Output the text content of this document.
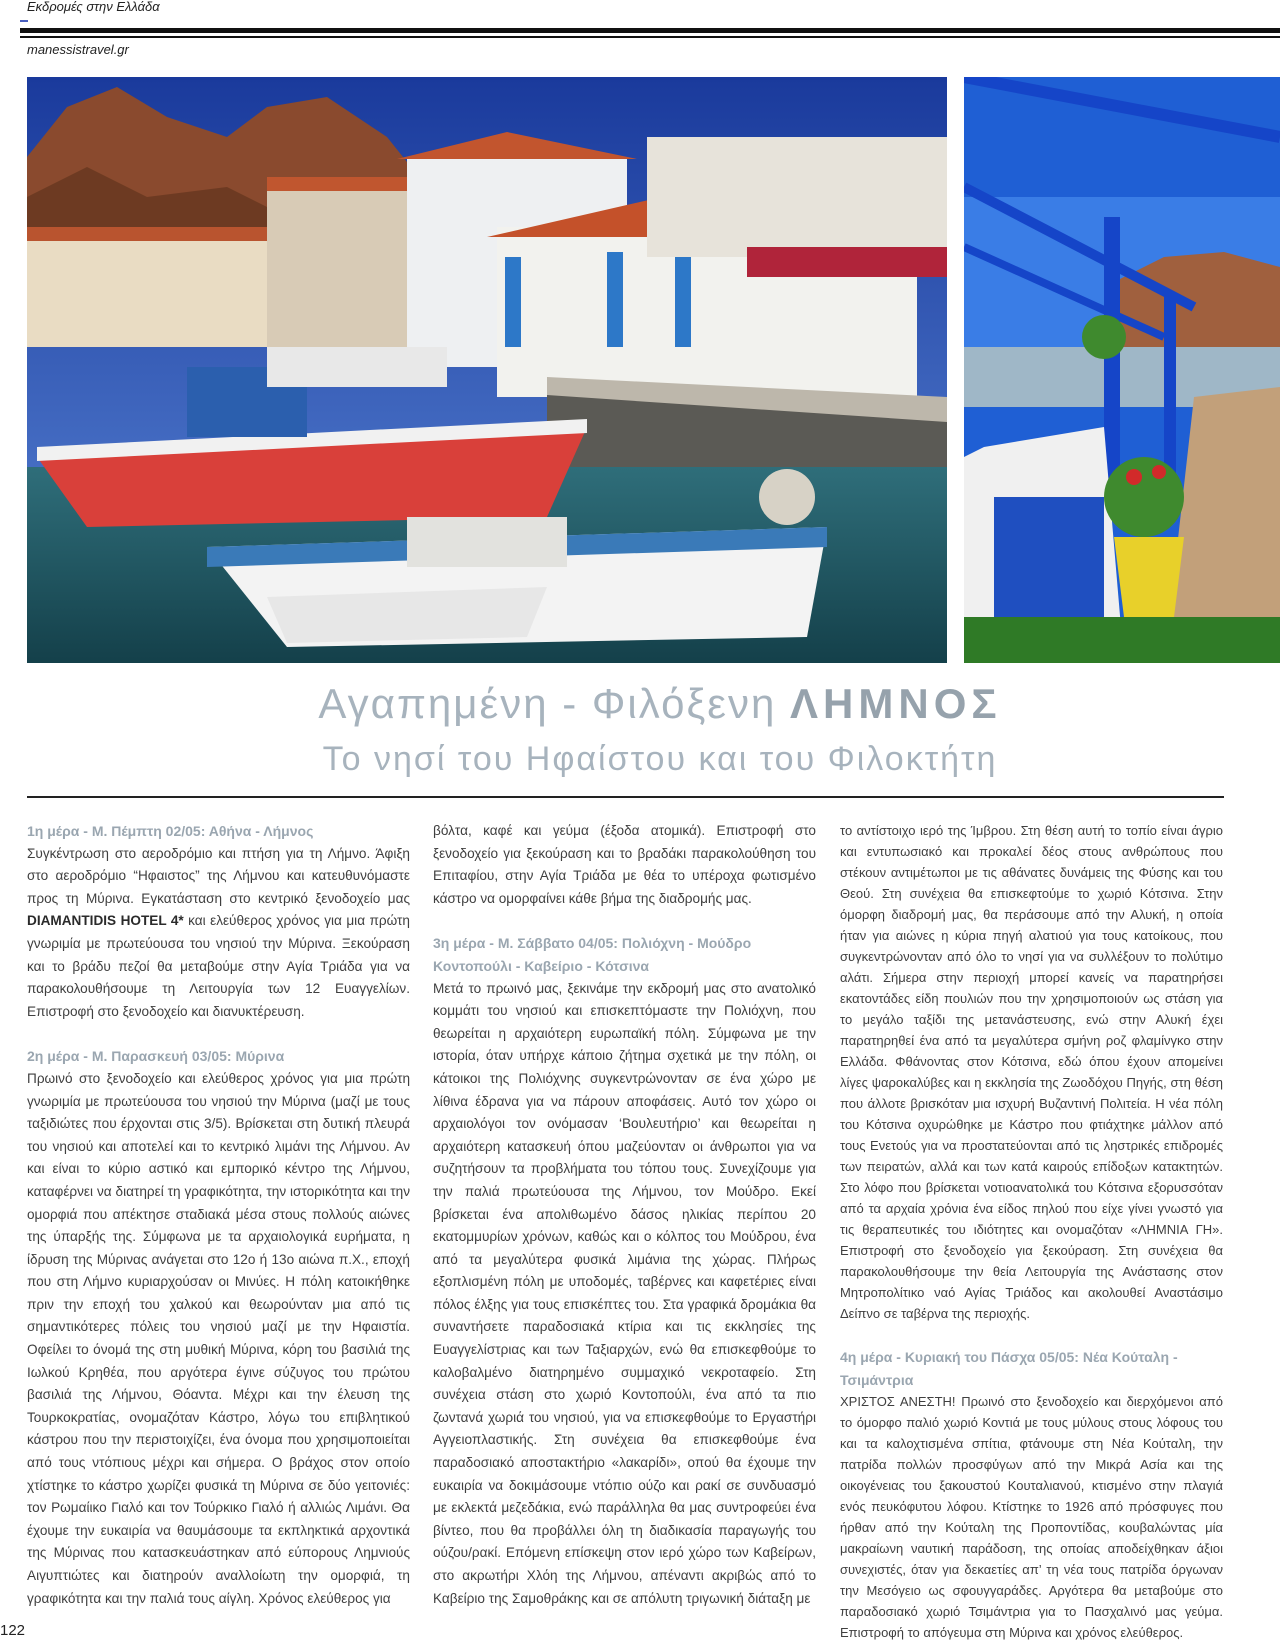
Εκδρομές στην Ελλάδα
manessistravel.gr
Αγαπημένη - Φιλόξενη ΛΗΜΝΟΣ
Το νησί του Ηφαίστου και του Φιλοκτήτη
1η μέρα - Μ. Πέμπτη 02/05: Αθήνα - Λήμνος

Συγκέντρωση στο αεροδρόμιο και πτήση για τη Λήμνο. Άφιξη στο αεροδρόμιο “Ηφαιστος” της Λήμνου και κατευθυνόμαστε προς τη Μύρινα. Εγκατάσταση στο κεντρικό ξενοδοχείο μας DIAMANTIDIS HOTEL 4* και ελεύθερος χρόνος για μια πρώτη γνωριμία με πρωτεύουσα του νησιού την Μύρινα. Ξεκούραση και το βράδυ πεζοί θα μεταβούμε στην Αγία Τριάδα για να παρακολουθήσουμε τη Λειτουργία των 12 Ευαγγελίων. Επιστροφή στο ξενοδοχείο και διανυκτέρευση.

2η μέρα - Μ. Παρασκευή 03/05: Μύρινα

Πρωινό στο ξενοδοχείο και ελεύθερος χρόνος για μια πρώτη γνωριμία με πρωτεύουσα του νησιού την Μύρινα (μαζί με τους ταξιδιώτες που έρχονται στις 3/5). Βρίσκεται στη δυτική πλευρά του νησιού και αποτελεί και το κεντρικό λιμάνι της Λήμνου. Αν και είναι το κύριο αστικό και εμπορικό κέντρο της Λήμνου, καταφέρνει να διατηρεί τη γραφικότητα, την ιστορικότητα και την ομορφιά που απέκτησε σταδιακά μέσα στους πολλούς αιώνες της ύπαρξής της. Σύμφωνα με τα αρχαιολογικά ευρήματα, η ίδρυση της Μύρινας ανάγεται στο 12ο ή 13ο αιώνα π.Χ., εποχή που στη Λήμνο κυριαρχούσαν οι Μινύες. Η πόλη κατοικήθηκε πριν την εποχή του χαλκού και θεωρούνταν μια από τις σημαντικότερες πόλεις του νησιού μαζί με την Ηφαιστία. Οφείλει το όνομά της στη μυθική Μύρινα, κόρη του βασιλιά της Ιωλκού Κρηθέα, που αργότερα έγινε σύζυγος του πρώτου βασιλιά της Λήμνου, Θόαντα. Μέχρι και την έλευση της Τουρκοκρατίας, ονομαζόταν Κάστρο, λόγω του επιβλητικού κάστρου που την περιστοιχίζει, ένα όνομα που χρησιμοποιείται από τους ντόπιους μέχρι και σήμερα. Ο βράχος στον οποίο χτίστηκε το κάστρο χωρίζει φυσικά τη Μύρινα σε δύο γειτονιές: τον Ρωμαίικο Γιαλό και τον Τούρκικο Γιαλό ή αλλιώς Λιμάνι. Θα έχουμε την ευκαιρία να θαυμάσουμε τα εκπληκτικά αρχοντικά της Μύρινας που κατασκευάστηκαν από εύπορους Λημνιούς Αιγυπτιώτες και διατηρούν αναλλοίωτη την ομορφιά, τη γραφικότητα και την παλιά τους αίγλη. Χρόνος ελεύθερος για

βόλτα, καφέ και γεύμα (έξοδα ατομικά). Επιστροφή στο ξενοδοχείο για ξεκούραση και το βραδάκι παρακολούθηση του Επιταφίου, στην Αγία Τριάδα με θέα το υπέροχα φωτισμένο κάστρο να ομορφαίνει κάθε βήμα της διαδρομής μας.

3η μέρα - Μ. Σάββατο 04/05: Πολιόχνη - Μούδρο Κοντοπούλι - Καβείριο - Κότσινα

Μετά το πρωινό μας, ξεκινάμε την εκδρομή μας στο ανατολικό κομμάτι του νησιού και επισκεπτόμαστε την Πολιόχνη, που θεωρείται η αρχαιότερη ευρωπαϊκή πόλη. Σύμφωνα με την ιστορία, όταν υπήρχε κάποιο ζήτημα σχετικά με την πόλη, οι κάτοικοι της Πολιόχνης συγκεντρώνονταν σε ένα χώρο με λίθινα έδρανα για να πάρουν αποφάσεις. Αυτό τον χώρο οι αρχαιολόγοι τον ονόμασαν ‘Βουλευτήριο’ και θεωρείται η αρχαιότερη κατασκευή όπου μαζεύονταν οι άνθρωποι για να συζητήσουν τα προβλήματα του τόπου τους. Συνεχίζουμε για την παλιά πρωτεύουσα της Λήμνου, τον Μούδρο. Εκεί βρίσκεται ένα απολιθωμένο δάσος ηλικίας περίπου 20 εκατομμυρίων χρόνων, καθώς και ο κόλπος του Μούδρου, ένα από τα μεγαλύτερα φυσικά λιμάνια της χώρας. Πλήρως εξοπλισμένη πόλη με υποδομές, ταβέρνες και καφετέριες είναι πόλος έλξης για τους επισκέπτες του. Στα γραφικά δρομάκια θα συναντήσετε παραδοσιακά κτίρια και τις εκκλησίες της Ευαγγελίστριας και των Ταξιαρχών, ενώ θα επισκεφθούμε το καλοβαλμένο διατηρημένο συμμαχικό νεκροταφείο. Στη συνέχεια στάση στο χωριό Κοντοπούλι, ένα από τα πιο ζωντανά χωριά του νησιού, για να επισκεφθούμε το Εργαστήρι Αγγειοπλαστικής. Στη συνέχεια θα επισκεφθούμε ένα παραδοσιακό αποστακτήριο «λακαρίδι», οπού θα έχουμε την ευκαιρία να δοκιμάσουμε ντόπιο ούζο και ρακί σε συνδυασμό με εκλεκτά μεζεδάκια, ενώ παράλληλα θα μας συντροφεύει ένα βίντεο, που θα προβάλλει όλη τη διαδικασία παραγωγής του ούζου/ρακί. Επόμενη επίσκεψη στον ιερό χώρο των Καβείρων, στο ακρωτήρι Χλόη της Λήμνου, απέναντι ακριβώς από το Καβείριο της Σαμοθράκης και σε απόλυτη τριγωνική διάταξη με

το αντίστοιχο ιερό της Ίμβρου. Στη θέση αυτή το τοπίο είναι άγριο και εντυπωσιακό και προκαλεί δέος στους ανθρώπους που στέκουν αντιμέτωποι με τις αθάνατες δυνάμεις της Φύσης και του Θεού. Στη συνέχεια θα επισκεφτούμε το χωριό Κότσινα. Στην όμορφη διαδρομή μας, θα περάσουμε από την Αλυκή, η οποία ήταν για αιώνες η κύρια πηγή αλατιού για τους κατοίκους, που συγκεντρώνονταν από όλο το νησί για να συλλέξουν το πολύτιμο αλάτι. Σήμερα στην περιοχή μπορεί κανείς να παρατηρήσει εκατοντάδες είδη πουλιών που την χρησιμοποιούν ως στάση για το μεγάλο ταξίδι της μετανάστευσης, ενώ στην Αλυκή έχει παρατηρηθεί ένα από τα μεγαλύτερα σμήνη ροζ φλαμίνγκο στην Ελλάδα. Φθάνοντας στον Κότσινα, εδώ όπου έχουν απομείνει λίγες ψαροκαλύβες και η εκκλησία της Ζωοδόχου Πηγής, στη θέση που άλλοτε βρισκόταν μια ισχυρή Βυζαντινή Πολιτεία. Η νέα πόλη του Κότσινα οχυρώθηκε με Κάστρο που φτιάχτηκε μάλλον από τους Ενετούς για να προστατεύονται από τις ληστρικές επιδρομές των πειρατών, αλλά και των κατά καιρούς επίδοξων κατακτητών. Στο λόφο που βρίσκεται νοτιοανατολικά του Κότσινα εξορυσσόταν από τα αρχαία χρόνια ένα είδος πηλού που είχε γίνει γνωστό για τις θεραπευτικές του ιδιότητες και ονομαζόταν «ΛΗΜΝΙΑ ΓΗ». Επιστροφή στο ξενοδοχείο για ξεκούραση. Στη συνέχεια θα παρακολουθήσουμε την θεία Λειτουργία της Ανάστασης στον Μητροπολίτικο ναό Αγίας Τριάδος και ακολουθεί Αναστάσιμο Δείπνο σε ταβέρνα της περιοχής.

4η μέρα - Κυριακή του Πάσχα 05/05: Νέα Κούταλη - Τσιμάντρια

ΧΡΙΣΤΟΣ ΑΝΕΣΤΗ! Πρωινό στο ξενοδοχείο και διερχόμενοι από το όμορφο παλιό χωριό Κοντιά με τους μύλους στους λόφους του και τα καλοχτισμένα σπίτια, φτάνουμε στη Νέα Κούταλη, την πατρίδα πολλών προσφύγων από την Μικρά Ασία και της οικογένειας του ξακουστού Κουταλιανού, κτισμένο στην πλαγιά ενός πευκόφυτου λόφου. Κτίστηκε το 1926 από πρόσφυγες που ήρθαν από την Κούταλη της Προποντίδας, κουβαλώντας μία μακραίωνη ναυτική παράδοση, της οποίας αποδείχθηκαν άξιοι συνεχιστές, όταν για δεκαετίες απ’ τη νέα τους πατρίδα όργωναν την Μεσόγειο ως σφουγγαράδες. Αργότερα θα μεταβούμε στο παραδοσιακό χωριό Τσιμάντρια για το Πασχαλινό μας γεύμα. Επιστροφή το απόγευμα στη Μύρινα και χρόνος ελεύθερος.

122
